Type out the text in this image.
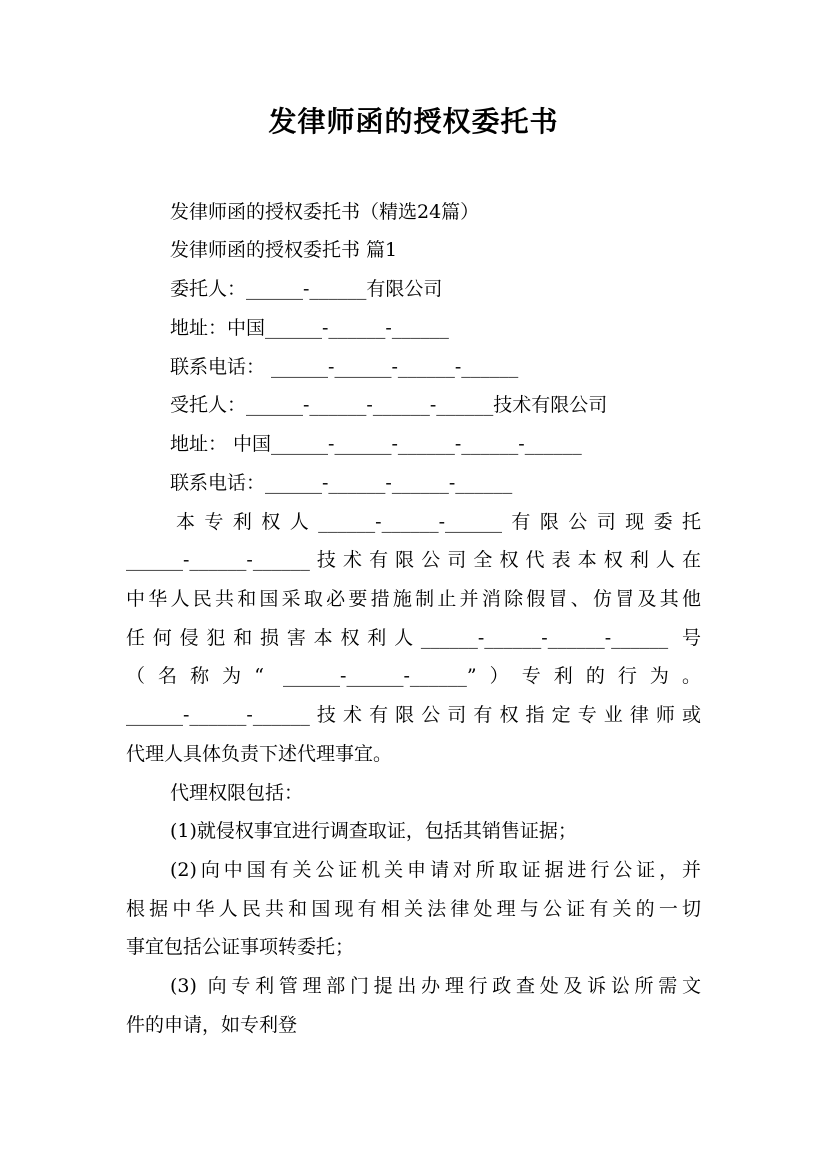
发律师函的授权委托书
发律师函的授权委托书（精选24篇）
发律师函的授权委托书 篇1
委托人：______-______有限公司
地址：中国______-______-______
联系电话： ______-______-______-______
受托人：______-______-______-______技术有限公司
地址： 中国______-______-______-______-______
联系电话：______-______-______-______
本专利权人______-______-______有限公司现委托
______-______-______技术有限公司全权代表本权利人在
中华人民共和国采取必要措施制止并消除假冒、仿冒及其他
任何侵犯和损害本权利人______-______-______-______ 号
（名称为“ ______-______-______”）专利的行为。
______-______-______技术有限公司有权指定专业律师或
代理人具体负责下述代理事宜。
代理权限包括：
(1)就侵权事宜进行调查取证，包括其销售证据；
(2)向中国有关公证机关申请对所取证据进行公证，并
根据中华人民共和国现有相关法律处理与公证有关的一切
事宜包括公证事项转委托；
(3) 向专利管理部门提出办理行政查处及诉讼所需文
件的申请，如专利登
